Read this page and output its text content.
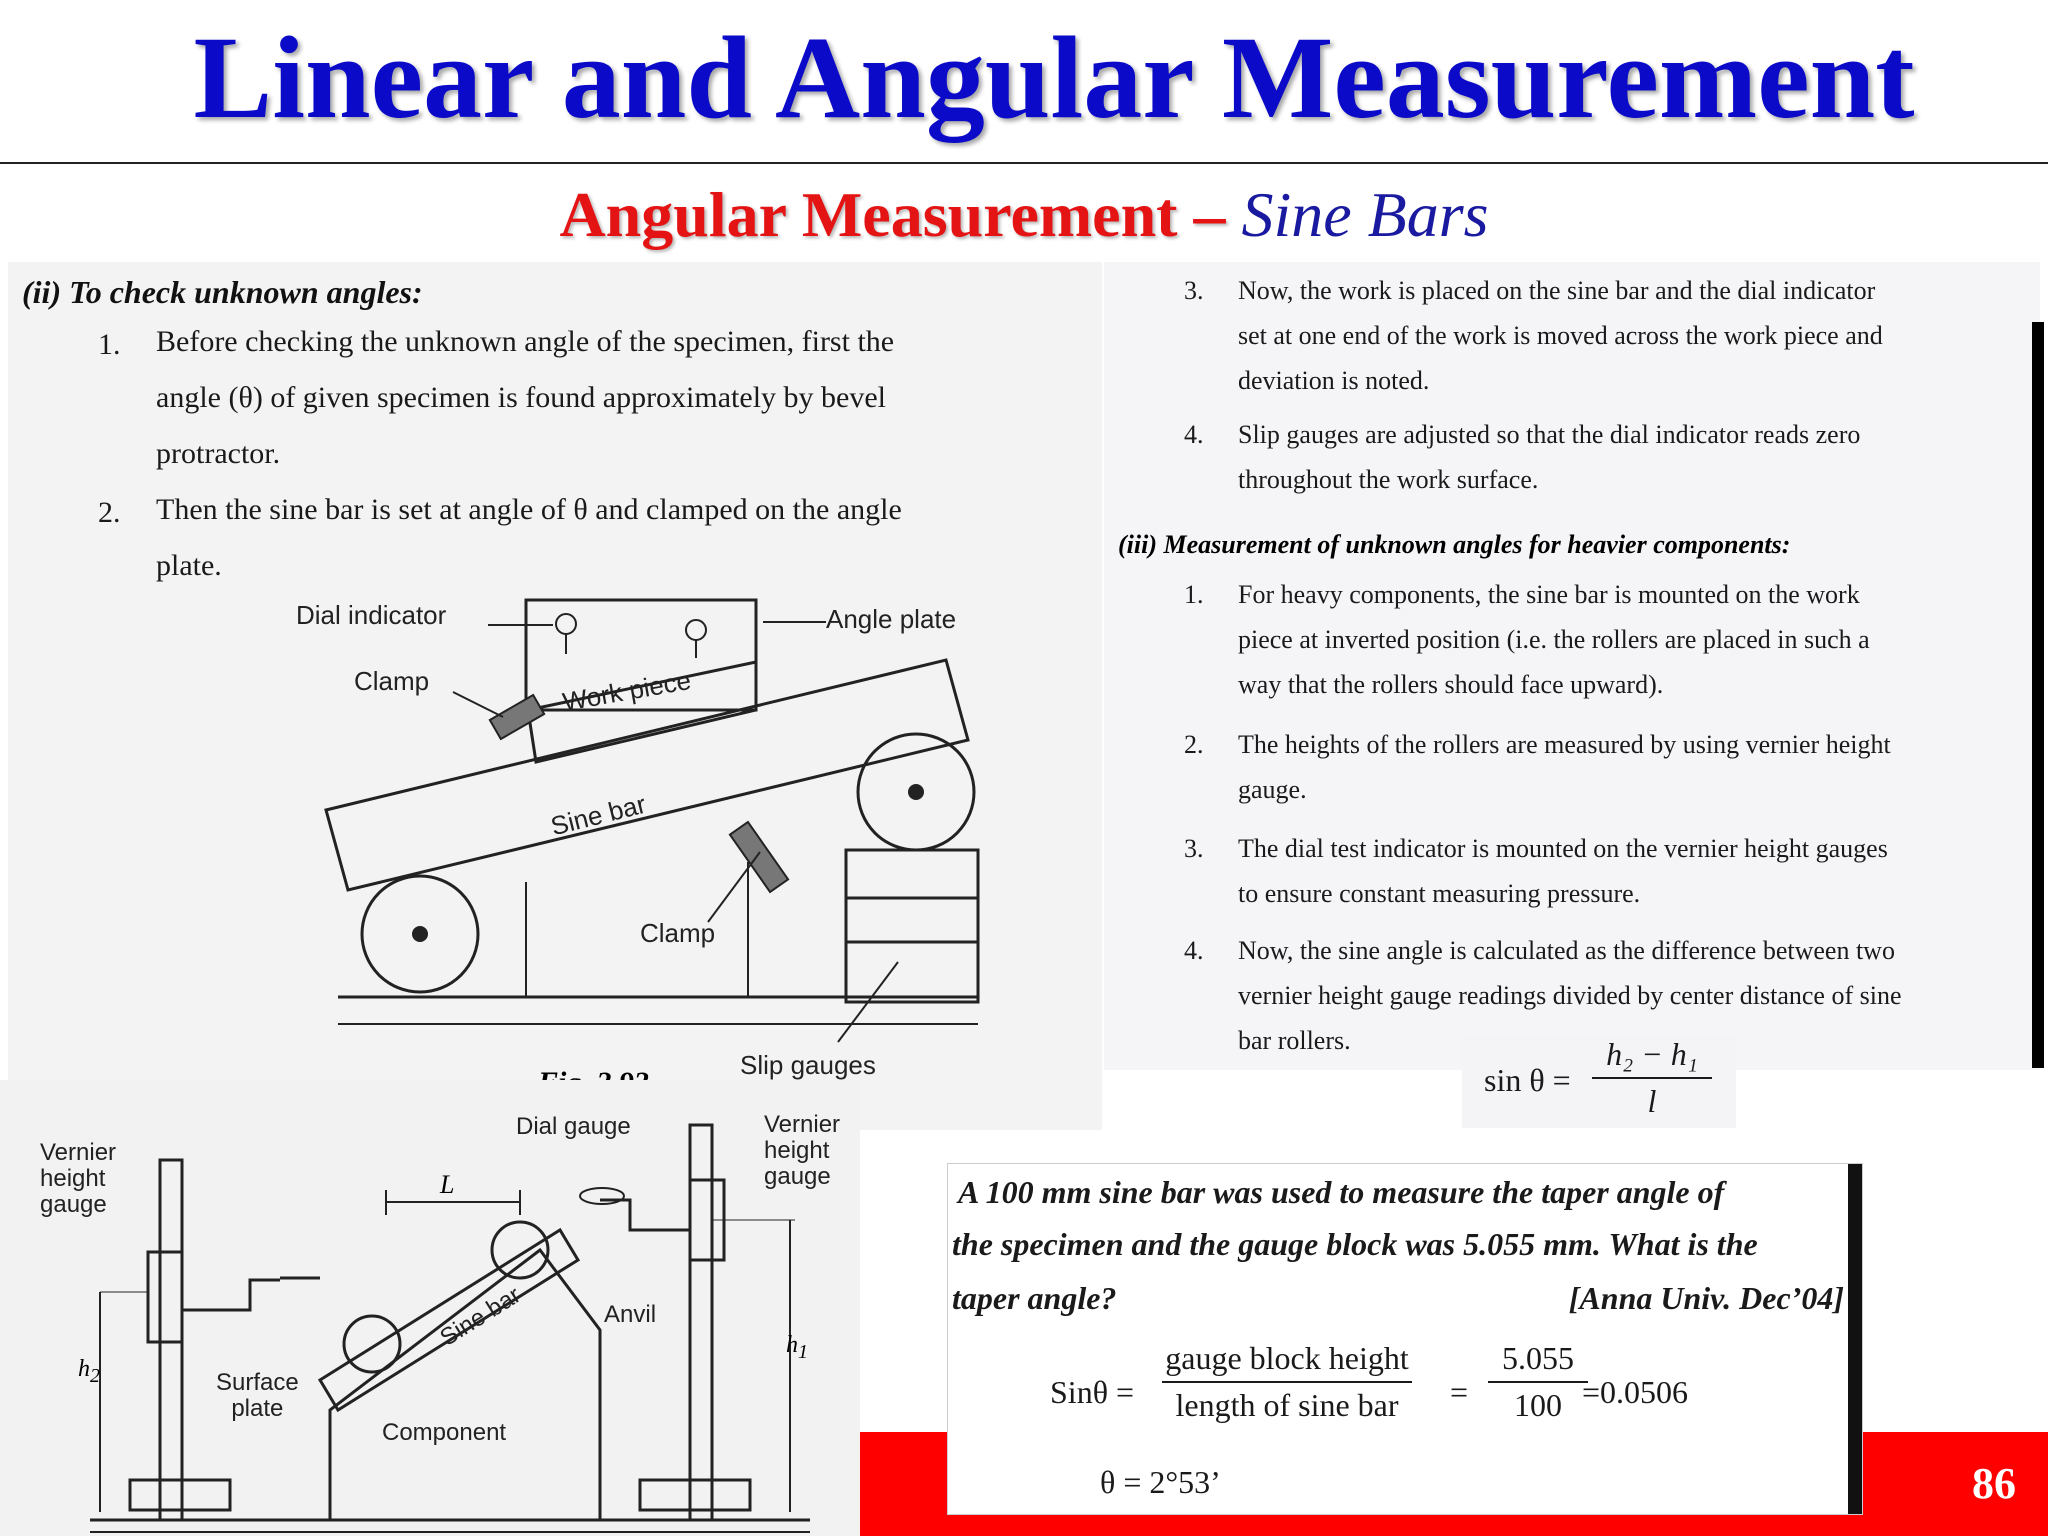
Linear and Angular Measurement
Angular Measurement – Sine Bars
86
(ii) To check unknown angles:
1. Before checking the unknown angle of the specimen, first the
angle (θ) of given specimen is found approximately by bevel
protractor.
2. Then the sine bar is set at angle of θ and clamped on the angle
plate.
Dial indicator	Angle plate
Clamp	Work piece
Sine bar
Clamp
Slip gauges
Vernier
height
gauge
Vernier
height
gauge
Dial gauge
L
Anvil
Sine bar
$h_2$
$h_1$
Surface
plate
Component
3. Now, the work is placed on the sine bar and the dial indicator
set at one end of the work is moved across the work piece and
deviation is noted.
4. Slip gauges are adjusted so that the dial indicator reads zero
throughout the work surface.
(iii) Measurement of unknown angles for heavier components:
1. For heavy components, the sine bar is mounted on the work
piece at inverted position (i.e. the rollers are placed in such a
way that the rollers should face upward).
2. The heights of the rollers are measured by using vernier height
gauge.
3. The dial test indicator is mounted on the vernier height gauges
to ensure constant measuring pressure.
4. Now, the sine angle is calculated as the difference between two
vernier height gauge readings divided by center distance of sine
bar rollers.
sin θ =
h₂ − h₁
l
A 100 mm sine bar was used to measure the taper angle of
the specimen and the gauge block was 5.055 mm. What is the
taper angle?	[Anna Univ. Dec’04]
Sinθ =
gauge block height
length of sine bar	=
5.055
100 =0.0506
θ = 2°53’
